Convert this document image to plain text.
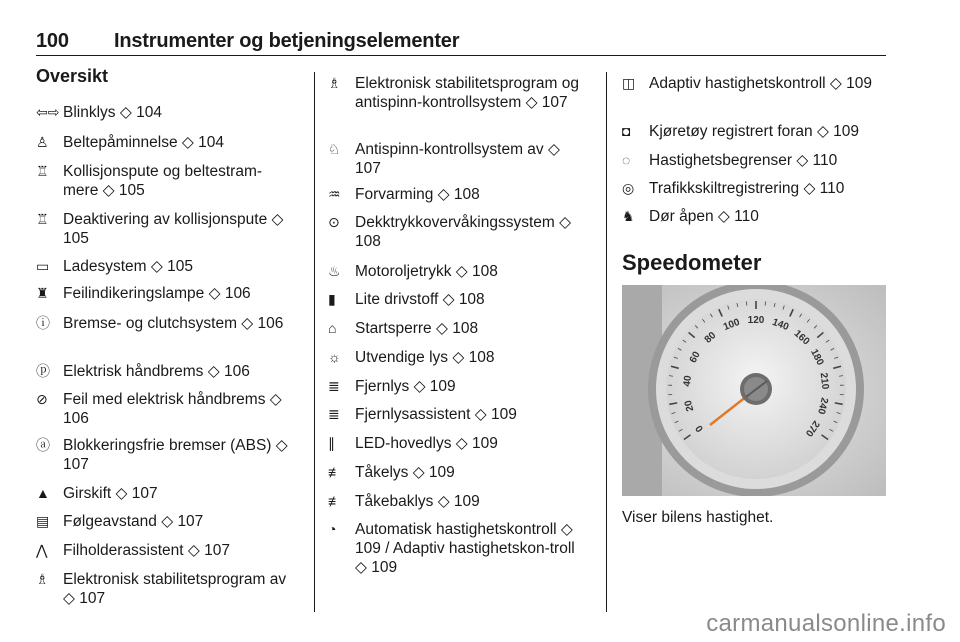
100 Instrumenter og betjeningselementer
Oversikt
⇦⇨ Blinklys ◇ 104
♙ Beltepåminnelse ◇ 104
♖ Kollisjonspute og beltestram-mere ◇ 105
♖ Deaktivering av kollisjonspute ◇ 105
▭ Ladesystem ◇ 105
♜ Feilindikeringslampe ◇ 106
ⓘ Bremse- og clutchsystem ◇ 106
ⓟ Elektrisk håndbrems ◇ 106
⊘ Feil med elektrisk håndbrems ◇ 106
ⓐ Blokkeringsfrie bremser (ABS) ◇ 107
▲ Girskift ◇ 107
▤ Følgeavstand ◇ 107
⋀	Filholderassistent ◇ 107
♗ Elektronisk stabilitetsprogram av ◇ 107
♗ Elektronisk stabilitetsprogram og antispinn-kontrollsystem ◇ 107
♘ Antispinn-kontrollsystem av ◇ 107
♒ Forvarming ◇ 108
⊙ Dekktrykkovervåkingssystem ◇ 108
♨ Motoroljetrykk ◇ 108
▮	Lite drivstoff ◇ 108
⌂	Startsperre ◇ 108
☼ Utvendige lys ◇ 108
≣ Fjernlys ◇ 109
≣ Fjernlysassistent ◇ 109
∥	LED-hovedlys ◇ 109
≢ Tåkelys ◇ 109
≢ Tåkebaklys ◇ 109
◔	Automatisk hastighetskontroll ◇ 109 / Adaptiv hastighetskon-troll ◇ 109
◫ Adaptiv hastighetskontroll ◇ 109
◘	Kjøretøy registrert foran ◇ 109
◌	Hastighetsbegrenser ◇ 110
◎ Trafikkskiltregistrering ◇ 110
♞ Dør åpen ◇ 110
Speedometer
0
20
40
60
80
100 120 140
160
180
210
240
270
Viser bilens hastighet.
carmanualsonline.info
